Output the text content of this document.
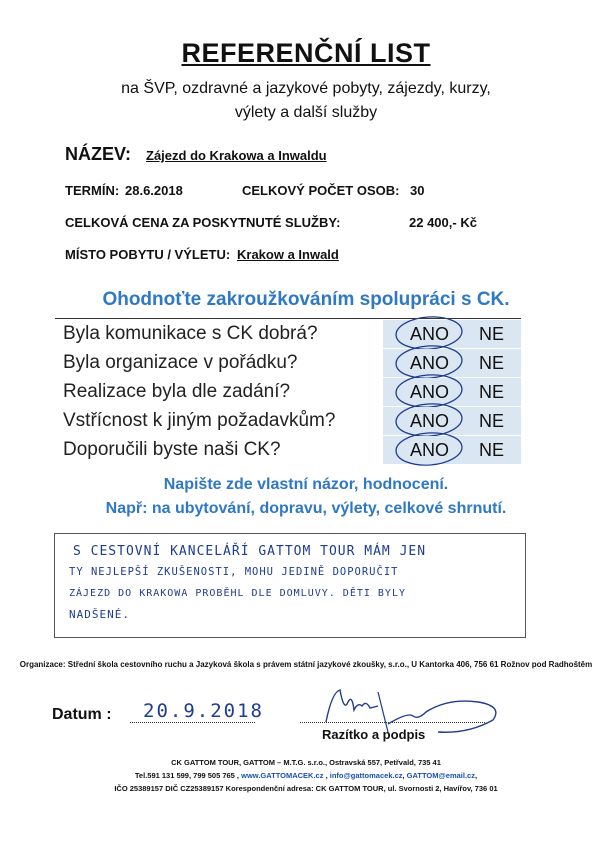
REFERENČNÍ LIST
na ŠVP, ozdravné a jazykové pobyty, zájezdy, kurzy,
výlety a další služby
NÁZEV: Zájezd do Krakowa a Inwaldu
TERMÍN: 28.6.2018	CELKOVÝ POČET OSOB: 30
CELKOVÁ CENA ZA POSKYTNUTÉ SLUŽBY:	22 400,- Kč
MÍSTO POBYTU / VÝLETU: Krakow a Inwald
Ohodnoťte zakroužkováním spolupráci s CK.
Byla komunikace s CK dobrá?	ANO NE
Byla organizace v pořádku?	ANO NE
Realizace byla dle zadání?	ANO NE
Vstřícnost k jiným požadavkům?	ANO NE
Doporučili byste naši CK?	ANO NE
Napište zde vlastní názor, hodnocení.
Např: na ubytování, dopravu, výlety, celkové shrnutí.
S CESTOVNÍ KANCELÁŘÍ GATTOM TOUR MÁM JEN
TY NEJLEPŠÍ ZKUŠENOSTI, MOHU JEDINĚ DOPORUČIT
ZÁJEZD DO KRAKOWA PROBĚHL DLE DOMLUVY. DĚTI BYLY
NADŠENÉ.
Organizace: Střední škola cestovního ruchu a Jazyková škola s právem státní jazykové zkoušky, s.r.o., U Kantorka 406, 756 61 Rožnov pod Radhoštěm
Datum : 20.9.2018
Razítko a podpis
CK GATTOM TOUR, GATTOM – M.T.G. s.r.o., Ostravská 557, Petřvald, 735 41
Tel.591 131 599, 799 505 765 , www.GATTOMACEK.cz , info@gattomacek.cz, GATTOM@email.cz,
IČO 25389157 DIČ CZ25389157 Korespondenční adresa: CK GATTOM TOUR, ul. Svornosti 2, Havířov, 736 01
